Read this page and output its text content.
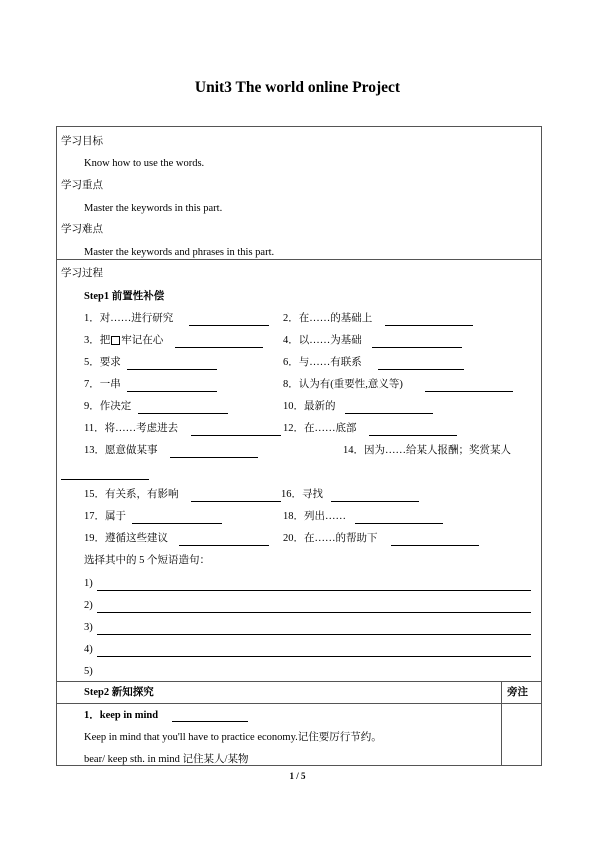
Unit3 The world online Project
学习目标
Know how to use the words.
学习重点
Master the keywords in this part.
学习难点
Master the keywords and phrases in this part.
学习过程
Step1 前置性补偿
1．对……进行研究	2．在……的基础上
3．把 牢记在心	4．以……为基础
5．要求	6．与……有联系
7．一串	8．认为有(重要性,意义等)
9．作决定	10．最新的
11．将……考虑进去	12．在……底部
13．愿意做某事	14．因为……给某人报酬；奖赏某人
15．有关系，有影响	16．寻找
17．属于	18．列出……
19．遵循这些建议	20．在……的帮助下
选择其中的 5 个短语造句：
1)
2)
3)
4)
5)
Step2 新知探究	旁注
1．keep in mind
Keep in mind that you'll have to practice economy.记住要厉行节约。
bear/ keep sth. in mind 记住某人/某物
1 / 5
